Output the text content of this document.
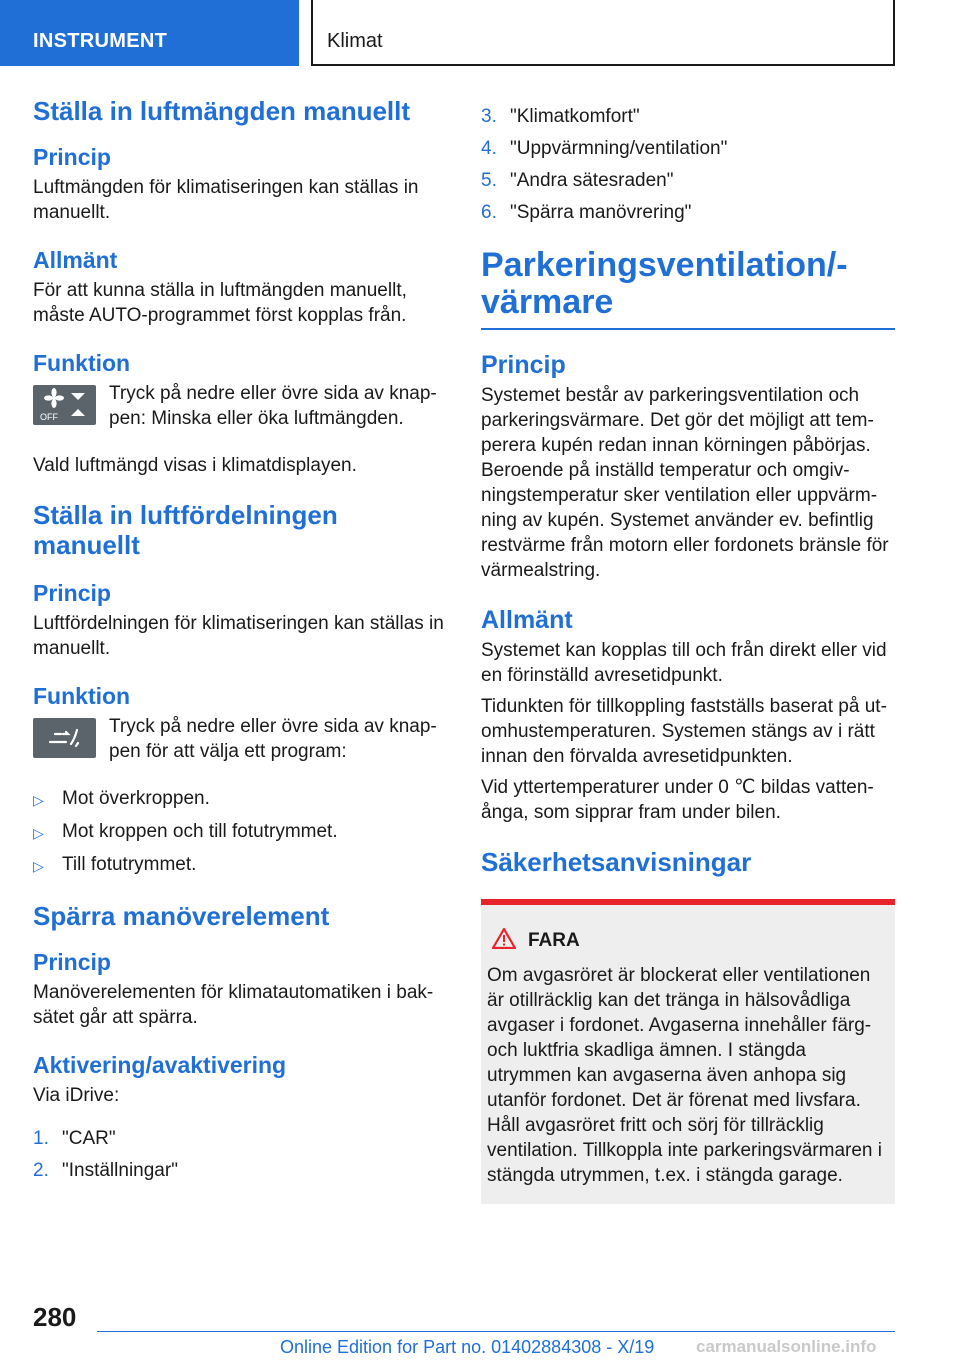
INSTRUMENT	Klimat
Ställa in luftmängden manuellt
Princip

Luftmängden för klimatiseringen kan ställas in manuellt.

Allmänt

För att kunna ställa in luftmängden manuellt, måste AUTO-programmet först kopplas från.

Funktion
OFF

Tryck på nedre eller övre sida av knappen: Minska eller öka luftmängden.

Vald luftmängd visas i klimatdisplayen.

Ställa in luftfördelningen manuellt
Princip

Luftfördelningen för klimatiseringen kan ställas in manuellt.

Funktion

Tryck på nedre eller övre sida av knappen för att välja ett program:

▷ Mot överkroppen.
▷ Mot kroppen och till fotutrymmet.
▷ Till fotutrymmet.
Spärra manöverelement
Princip

Manöverelementen för klimatautomatiken i baksätet går att spärra.

Aktivering/avaktivering

Via iDrive:

1. "CAR"
2. "Inställningar"
3. "Klimatkomfort"
4. "Uppvärmning/ventilation"
5. "Andra sätesraden"
6. "Spärra manövrering"
Parkeringsventilation/-värmare
Princip

Systemet består av parkeringsventilation och parkeringsvärmare. Det gör det möjligt att temperera kupén redan innan körningen påbörjas. Beroende på inställd temperatur och omgivningstemperatur sker ventilation eller uppvärmning av kupén. Systemet använder ev. befintlig restvärme från motorn eller fordonets bränsle för värmealstring.

Allmänt

Systemet kan kopplas till och från direkt eller vid en förinställd avresetidpunkt.

Tidunkten för tillkoppling fastställs baserat på utomhustemperaturen. Systemen stängs av i rätt innan den förvalda avresetidpunkten.

Vid yttertemperaturer under 0 ℃ bildas vattenånga, som sipprar fram under bilen.

Säkerhetsanvisningar
FARA

Om avgasröret är blockerat eller ventilationen är otillräcklig kan det tränga in hälsovådliga avgaser i fordonet. Avgaserna innehåller färg- och luktfria skadliga ämnen. I stängda utrymmen kan avgaserna även anhopa sig utanför fordonet. Det är förenat med livsfara. Håll avgasröret fritt och sörj för tillräcklig ventilation. Tillkoppla inte parkeringsvärmaren i stängda utrymmen, t.ex. i stängda garage.

280
Online Edition for Part no. 01402884308 - X/19 carmanualsonline.info
